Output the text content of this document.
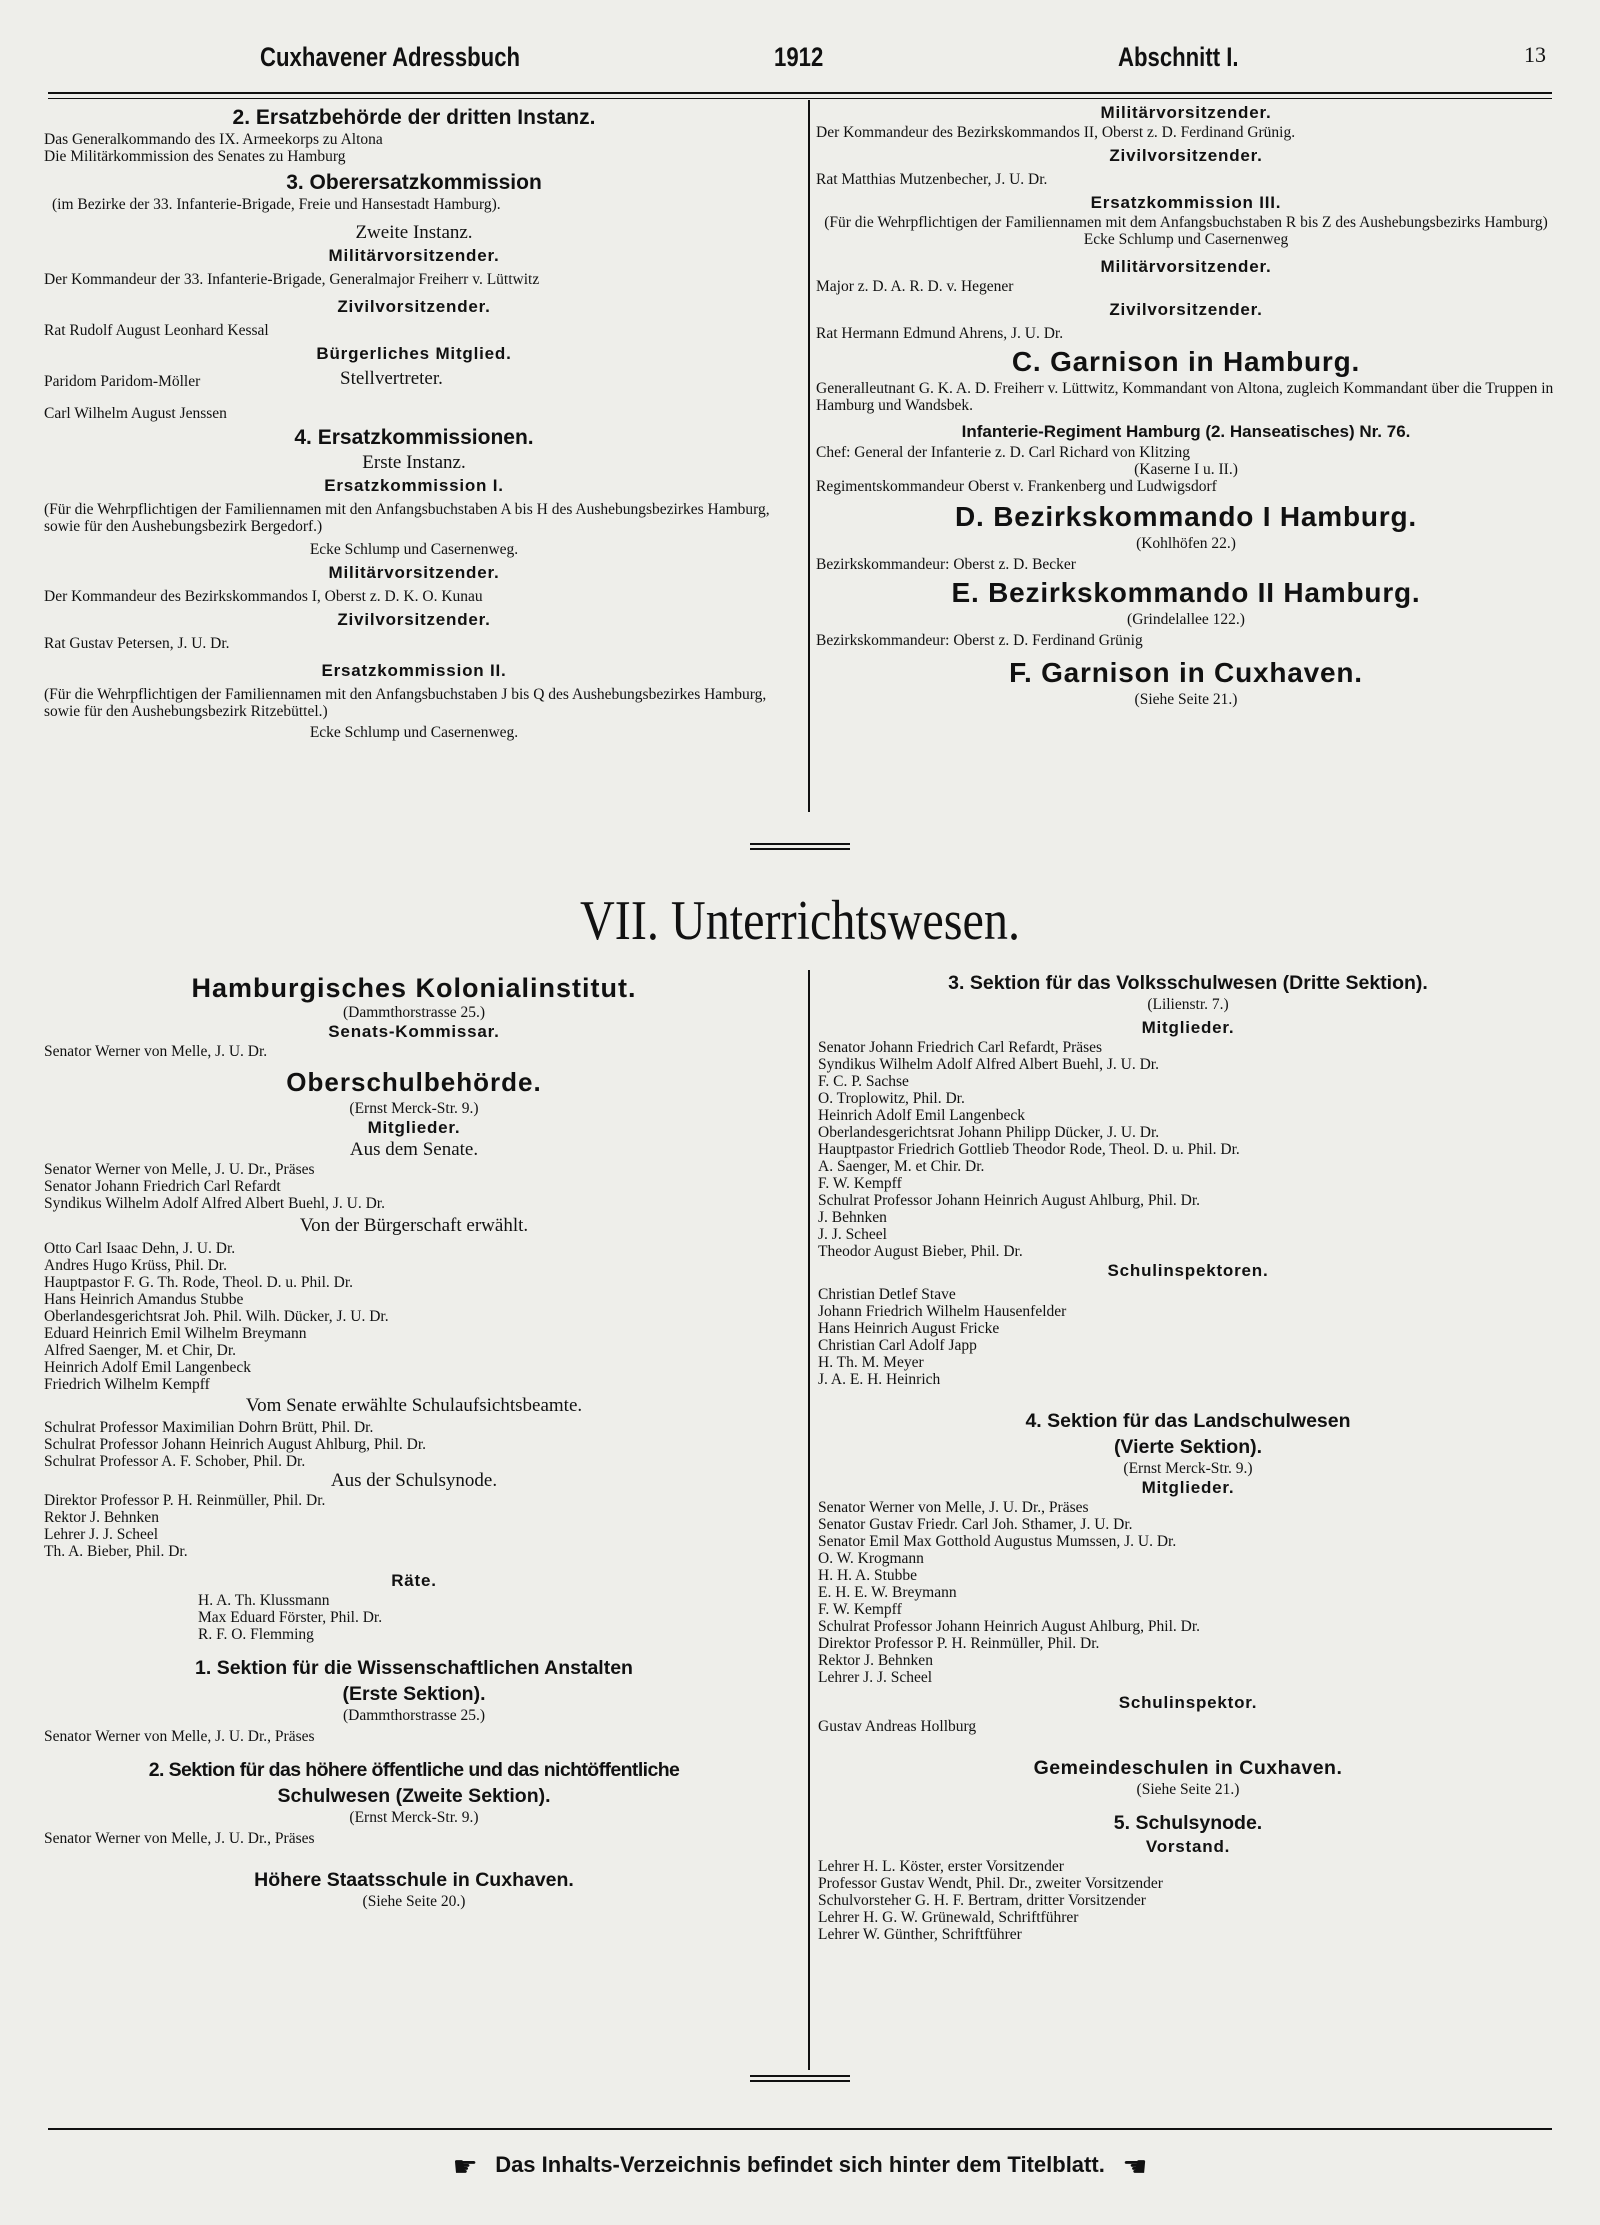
Cuxhavener Adressbuch	1912	Abschnitt I.	13

2. Ersatzbehörde der dritten Instanz.

Das Generalkommando des IX. Armeekorps zu Altona

Die Militärkommission des Senates zu Hamburg

3. Oberersatzkommission

(im Bezirke der 33. Infanterie-Brigade, Freie und Hansestadt Hamburg).

Zweite Instanz.

Militärvorsitzender.

Der Kommandeur der 33. Infanterie-Brigade, Generalmajor Freiherr v. Lüttwitz

Zivilvorsitzender.

Rat Rudolf August Leonhard Kessal

Bürgerliches Mitglied.

Paridom Paridom-Möller	Stellvertreter.

Carl Wilhelm August Jenssen

4. Ersatzkommissionen.

Erste Instanz.

Ersatzkommission I.

(Für die Wehrpflichtigen der Familiennamen mit den Anfangsbuchstaben A bis H des Aushebungsbezirkes Hamburg, sowie für den Aushebungsbezirk Bergedorf.)

Ecke Schlump und Casernenweg.

Militärvorsitzender.

Der Kommandeur des Bezirkskommandos I, Oberst z. D. K. O. Kunau

Zivilvorsitzender.

Rat Gustav Petersen, J. U. Dr.

Ersatzkommission II.

(Für die Wehrpflichtigen der Familiennamen mit den Anfangsbuchstaben J bis Q des Aushebungsbezirkes Hamburg, sowie für den Aushebungsbezirk Ritzebüttel.)

Ecke Schlump und Casernenweg.

Militärvorsitzender.

Der Kommandeur des Bezirkskommandos II, Oberst z. D. Ferdinand Grünig.

Zivilvorsitzender.

Rat Matthias Mutzenbecher, J. U. Dr.

Ersatzkommission III.

(Für die Wehrpflichtigen der Familiennamen mit dem Anfangsbuchstaben R bis Z des Aushebungsbezirks Hamburg)

Ecke Schlump und Casernenweg

Militärvorsitzender.

Major z. D. A. R. D. v. Hegener

Zivilvorsitzender.

Rat Hermann Edmund Ahrens, J. U. Dr.

C. Garnison in Hamburg.

Generalleutnant G. K. A. D. Freiherr v. Lüttwitz, Kommandant von Altona, zugleich Kommandant über die Truppen in Hamburg und Wandsbek.

Infanterie-Regiment Hamburg (2. Hanseatisches) Nr. 76.

Chef: General der Infanterie z. D. Carl Richard von Klitzing

(Kaserne I u. II.)

Regimentskommandeur Oberst v. Frankenberg und Ludwigsdorf

D. Bezirkskommando I Hamburg.

(Kohlhöfen 22.)

Bezirkskommandeur: Oberst z. D. Becker

E. Bezirkskommando II Hamburg.

(Grindelallee 122.)

Bezirkskommandeur: Oberst z. D. Ferdinand Grünig

F. Garnison in Cuxhaven.

(Siehe Seite 21.)

VII. Unterrichtswesen.

Hamburgisches Kolonialinstitut.

(Dammthorstrasse 25.)

Senats-Kommissar.

Senator Werner von Melle, J. U. Dr.

Oberschulbehörde.

(Ernst Merck-Str. 9.)

Mitglieder.

Aus dem Senate.

Senator Werner von Melle, J. U. Dr., Präses

Senator Johann Friedrich Carl Refardt

Syndikus Wilhelm Adolf Alfred Albert Buehl, J. U. Dr.

Von der Bürgerschaft erwählt.

Otto Carl Isaac Dehn, J. U. Dr.

Andres Hugo Krüss, Phil. Dr.

Hauptpastor F. G. Th. Rode, Theol. D. u. Phil. Dr.

Hans Heinrich Amandus Stubbe

Oberlandesgerichtsrat Joh. Phil. Wilh. Dücker, J. U. Dr.

Eduard Heinrich Emil Wilhelm Breymann

Alfred Saenger, M. et Chir, Dr.

Heinrich Adolf Emil Langenbeck

Friedrich Wilhelm Kempff

Vom Senate erwählte Schulaufsichtsbeamte.

Schulrat Professor Maximilian Dohrn Brütt, Phil. Dr.

Schulrat Professor Johann Heinrich August Ahlburg, Phil. Dr.

Schulrat Professor A. F. Schober, Phil. Dr.

Aus der Schulsynode.

Direktor Professor P. H. Reinmüller, Phil. Dr.

Rektor J. Behnken

Lehrer J. J. Scheel

Th. A. Bieber, Phil. Dr.

Räte.

H. A. Th. Klussmann

Max Eduard Förster, Phil. Dr.

R. F. O. Flemming

1. Sektion für die Wissenschaftlichen Anstalten

(Erste Sektion).

(Dammthorstrasse 25.)

Senator Werner von Melle, J. U. Dr., Präses

2. Sektion für das höhere öffentliche und das nichtöffentliche

Schulwesen (Zweite Sektion).

(Ernst Merck-Str. 9.)

Senator Werner von Melle, J. U. Dr., Präses

Höhere Staatsschule in Cuxhaven.

(Siehe Seite 20.)

3. Sektion für das Volksschulwesen (Dritte Sektion).

(Lilienstr. 7.)

Mitglieder.

Senator Johann Friedrich Carl Refardt, Präses

Syndikus Wilhelm Adolf Alfred Albert Buehl, J. U. Dr.

F. C. P. Sachse

O. Troplowitz, Phil. Dr.

Heinrich Adolf Emil Langenbeck

Oberlandesgerichtsrat Johann Philipp Dücker, J. U. Dr.

Hauptpastor Friedrich Gottlieb Theodor Rode, Theol. D. u. Phil. Dr.

A. Saenger, M. et Chir. Dr.

F. W. Kempff

Schulrat Professor Johann Heinrich August Ahlburg, Phil. Dr.

J. Behnken

J. J. Scheel

Theodor August Bieber, Phil. Dr.

Schulinspektoren.

Christian Detlef Stave

Johann Friedrich Wilhelm Hausenfelder

Hans Heinrich August Fricke

Christian Carl Adolf Japp

H. Th. M. Meyer

J. A. E. H. Heinrich

4. Sektion für das Landschulwesen

(Vierte Sektion).

(Ernst Merck-Str. 9.)

Mitglieder.

Senator Werner von Melle, J. U. Dr., Präses

Senator Gustav Friedr. Carl Joh. Sthamer, J. U. Dr.

Senator Emil Max Gotthold Augustus Mumssen, J. U. Dr.

O. W. Krogmann

H. H. A. Stubbe

E. H. E. W. Breymann

F. W. Kempff

Schulrat Professor Johann Heinrich August Ahlburg, Phil. Dr.

Direktor Professor P. H. Reinmüller, Phil. Dr.

Rektor J. Behnken

Lehrer J. J. Scheel

Schulinspektor.

Gustav Andreas Hollburg

Gemeindeschulen in Cuxhaven.

(Siehe Seite 21.)

5. Schulsynode.

Vorstand.

Lehrer H. L. Köster, erster Vorsitzender

Professor Gustav Wendt, Phil. Dr., zweiter Vorsitzender

Schulvorsteher G. H. F. Bertram, dritter Vorsitzender

Lehrer H. G. W. Grünewald, Schriftführer

Lehrer W. Günther, Schriftführer

☛ Das Inhalts-Verzeichnis befindet sich hinter dem Titelblatt. ☚
